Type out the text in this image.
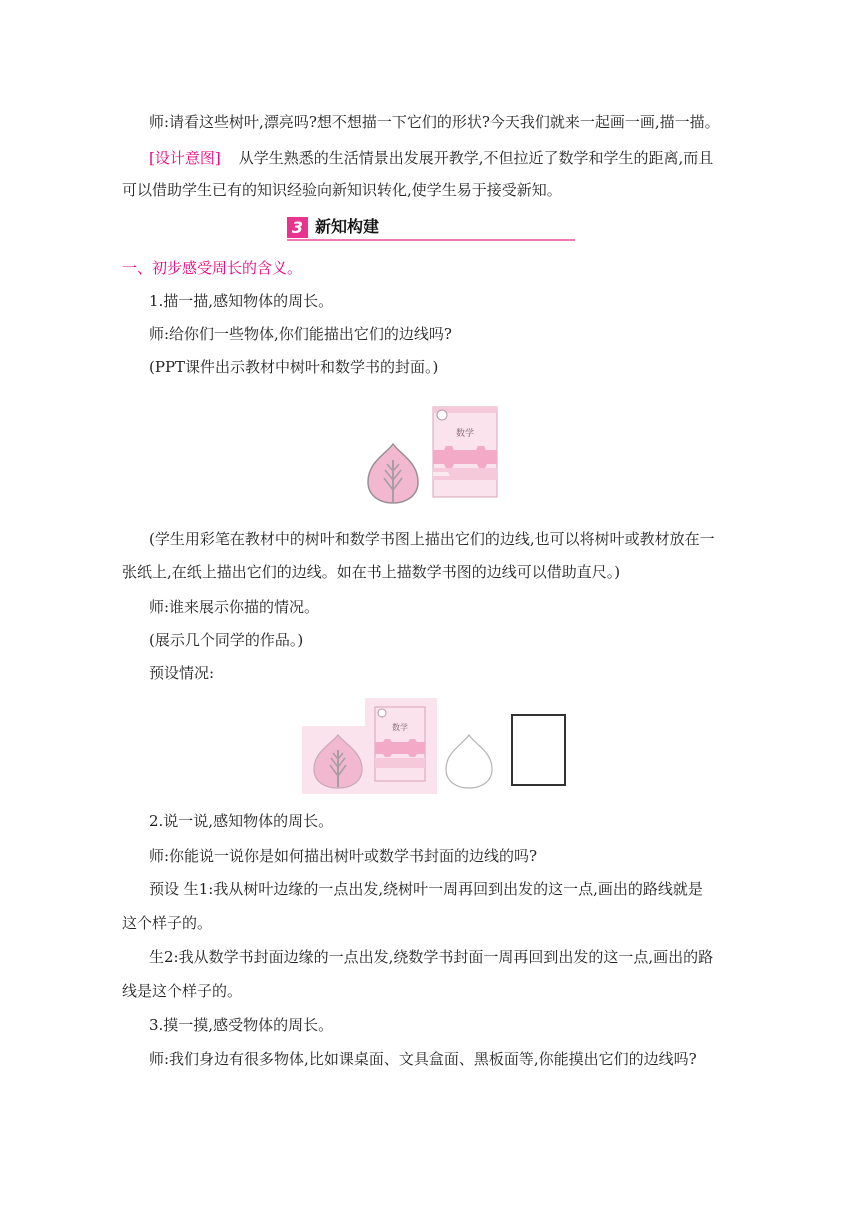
师:请看这些树叶,漂亮吗?想不想描一下它们的形状?今天我们就来一起画一画,描一描。
[设计意图] 从学生熟悉的生活情景出发展开教学,不但拉近了数学和学生的距离,而且
可以借助学生已有的知识经验向新知识转化,使学生易于接受新知。
3 新知构建
一、初步感受周长的含义。
1.描一描,感知物体的周长。
师:给你们一些物体,你们能描出它们的边线吗?
(PPT课件出示教材中树叶和数学书的封面。)
数学
(学生用彩笔在教材中的树叶和数学书图上描出它们的边线,也可以将树叶或教材放在一
张纸上,在纸上描出它们的边线。如在书上描数学书图的边线可以借助直尺。)
师:谁来展示你描的情况。
(展示几个同学的作品。)
预设情况:
数学
2.说一说,感知物体的周长。
师:你能说一说你是如何描出树叶或数学书封面的边线的吗?
预设 生1:我从树叶边缘的一点出发,绕树叶一周再回到出发的这一点,画出的路线就是
这个样子的。
生2:我从数学书封面边缘的一点出发,绕数学书封面一周再回到出发的这一点,画出的路
线是这个样子的。
3.摸一摸,感受物体的周长。
师:我们身边有很多物体,比如课桌面、文具盒面、黑板面等,你能摸出它们的边线吗?
